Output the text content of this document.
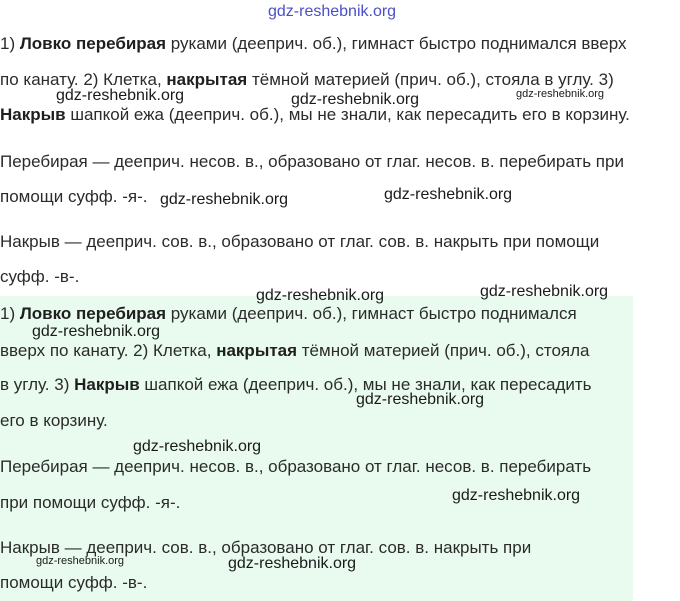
1) Ловко перебирая руками (дееприч. об.), гимнаст быстро поднимался вверх
по канату. 2) Клетка, накрытая тёмной материей (прич. об.), стояла в углу. 3)
Накрыв шапкой ежа (дееприч. об.), мы не знали, как пересадить его в корзину.
Перебирая — дееприч. несов. в., образовано от глаг. несов. в. перебирать при
помощи суфф. -я-.
Накрыв — дееприч. сов. в., образовано от глаг. сов. в. накрыть при помощи
суфф. -в-.
1) Ловко перебирая руками (дееприч. об.), гимнаст быстро поднимался
вверх по канату. 2) Клетка, накрытая тёмной материей (прич. об.), стояла
в углу. 3) Накрыв шапкой ежа (дееприч. об.), мы не знали, как пересадить
его в корзину.
Перебирая — дееприч. несов. в., образовано от глаг. несов. в. перебирать
при помощи суфф. -я-.
Накрыв — дееприч. сов. в., образовано от глаг. сов. в. накрыть при
помощи суфф. -в-.
gdz-reshebnik.org
gdz-reshebnik.org	gdz-reshebnik.org	gdz-reshebnik.org
gdz-reshebnik.org	gdz-reshebnik.org
gdz-reshebnik.org	gdz-reshebnik.org
gdz-reshebnik.org
gdz-reshebnik.org
gdz-reshebnik.org
gdz-reshebnik.org
gdz-reshebnik.org	gdz-reshebnik.org
